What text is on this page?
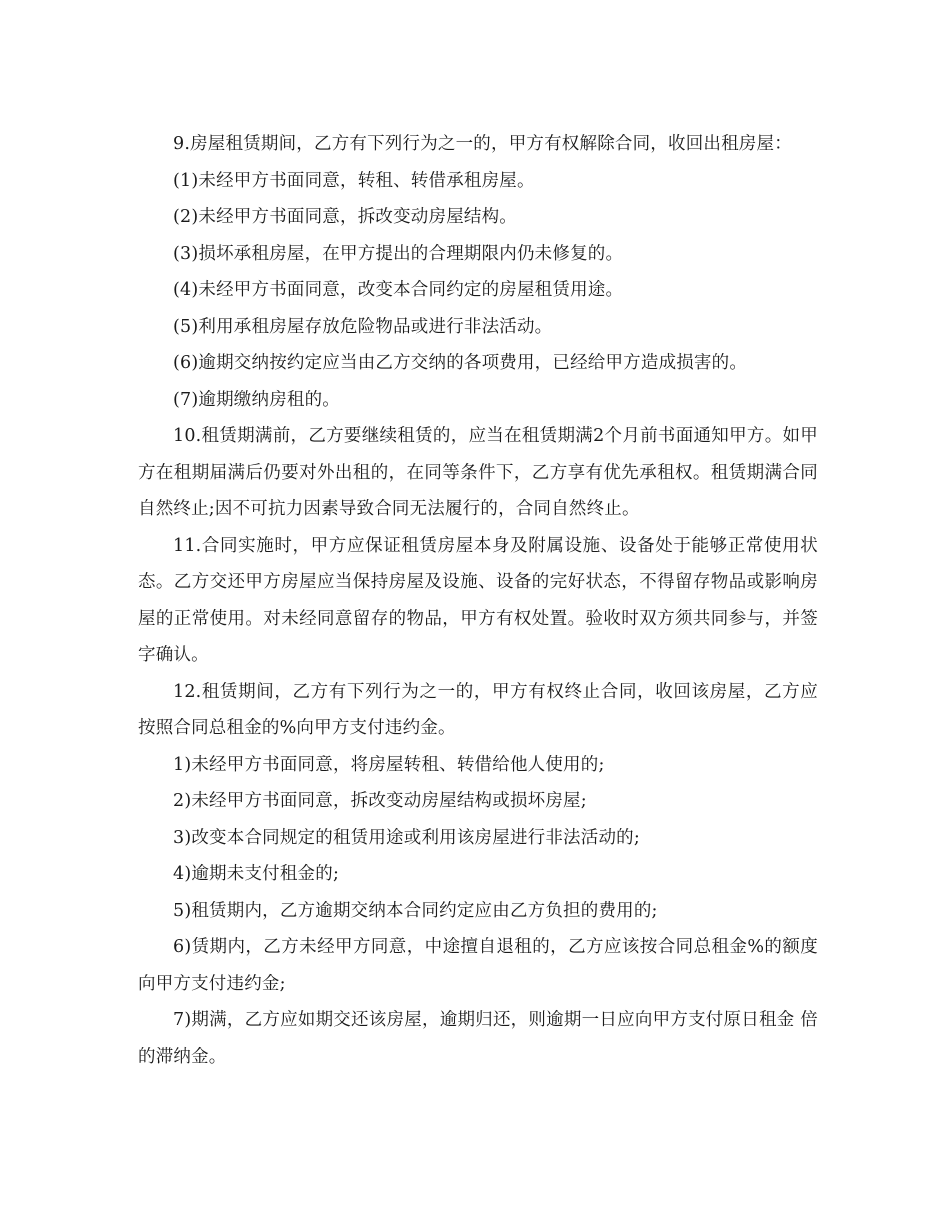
9.房屋租赁期间，乙方有下列行为之一的，甲方有权解除合同，收回出租房屋：

(1)未经甲方书面同意，转租、转借承租房屋。

(2)未经甲方书面同意，拆改变动房屋结构。

(3)损坏承租房屋，在甲方提出的合理期限内仍未修复的。

(4)未经甲方书面同意，改变本合同约定的房屋租赁用途。

(5)利用承租房屋存放危险物品或进行非法活动。

(6)逾期交纳按约定应当由乙方交纳的各项费用，已经给甲方造成损害的。

(7)逾期缴纳房租的。

10.租赁期满前，乙方要继续租赁的，应当在租赁期满2个月前书面通知甲方。如甲方在租期届满后仍要对外出租的，在同等条件下，乙方享有优先承租权。租赁期满合同自然终止;因不可抗力因素导致合同无法履行的，合同自然终止。

11.合同实施时，甲方应保证租赁房屋本身及附属设施、设备处于能够正常使用状态。乙方交还甲方房屋应当保持房屋及设施、设备的完好状态，不得留存物品或影响房屋的正常使用。对未经同意留存的物品，甲方有权处置。验收时双方须共同参与，并签字确认。

12.租赁期间，乙方有下列行为之一的，甲方有权终止合同，收回该房屋，乙方应按照合同总租金的%向甲方支付违约金。

1)未经甲方书面同意，将房屋转租、转借给他人使用的;

2)未经甲方书面同意，拆改变动房屋结构或损坏房屋;

3)改变本合同规定的租赁用途或利用该房屋进行非法活动的;

4)逾期未支付租金的;

5)租赁期内，乙方逾期交纳本合同约定应由乙方负担的费用的;

6)赁期内，乙方未经甲方同意，中途擅自退租的，乙方应该按合同总租金%的额度向甲方支付违约金;

7)期满，乙方应如期交还该房屋，逾期归还，则逾期一日应向甲方支付原日租金 倍的滞纳金。
